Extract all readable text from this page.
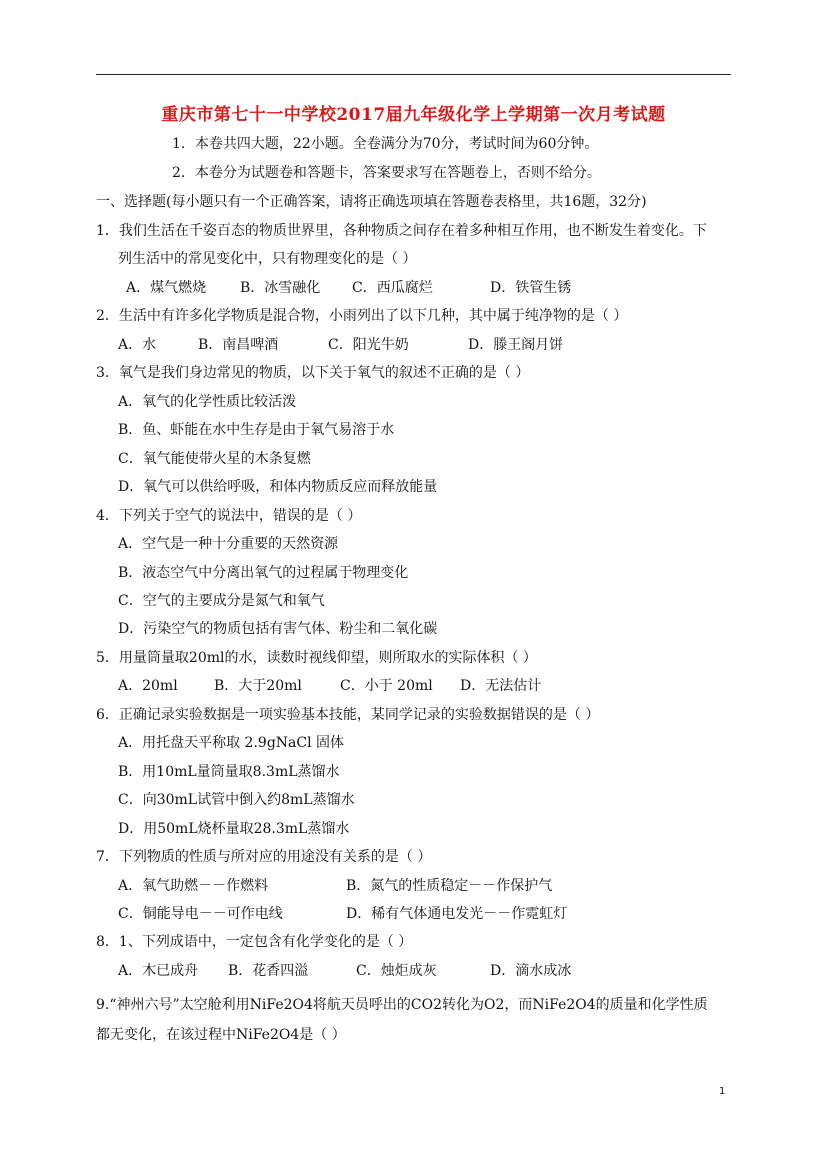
重庆市第七十一中学校2017届九年级化学上学期第一次月考试题
1．本卷共四大题，22小题。全卷满分为70分，考试时间为60分钟。
2．本卷分为试题卷和答题卡，答案要求写在答题卷上，否则不给分。
一、选择题(每小题只有一个正确答案，请将正确选项填在答题卷表格里，共16题，32分)
1．我们生活在千姿百态的物质世界里，各种物质之间存在着多种相互作用，也不断发生着变化。下
列生活中的常见变化中，只有物理变化的是（ ）
A．煤气燃烧 B．冰雪融化 C．西瓜腐烂	D．铁管生锈
2．生活中有许多化学物质是混合物，小雨列出了以下几种，其中属于纯净物的是（ ）
A．水	B．南昌啤酒	C．阳光牛奶	D．滕王阁月饼
3．氧气是我们身边常见的物质，以下关于氧气的叙述不正确的是（ ）
A．氧气的化学性质比较活泼
B．鱼、虾能在水中生存是由于氧气易溶于水
C．氧气能使带火星的木条复燃
D．氧气可以供给呼吸，和体内物质反应而释放能量
4．下列关于空气的说法中，错误的是（ ）
A．空气是一种十分重要的天然资源
B．液态空气中分离出氧气的过程属于物理变化
C．空气的主要成分是氮气和氧气
D．污染空气的物质包括有害气体、粉尘和二氧化碳
5．用量筒量取20ml的水，读数时视线仰望，则所取水的实际体积（ ）
A．20ml	B．大于20ml	C．小于 20ml D．无法估计
6．正确记录实验数据是一项实验基本技能，某同学记录的实验数据错误的是（ ）
A．用托盘天平称取 2.9gNaCl 固体
B．用10mL量筒量取8.3mL蒸馏水
C．向30mL试管中倒入约8mL蒸馏水
D．用50mL烧杯量取28.3mL蒸馏水
7．下列物质的性质与所对应的用途没有关系的是（ ）
A．氧气助燃－－作燃料	B．氮气的性质稳定－－作保护气
C．铜能导电－－可作电线	D．稀有气体通电发光－－作霓虹灯
8．1、下列成语中，一定包含有化学变化的是（ ）
A．木已成舟 B．花香四溢	C．烛炬成灰	D．滴水成冰
9.“神州六号”太空舱利用NiFe2O4将航天员呼出的CO2转化为O2，而NiFe2O4的质量和化学性质
都无变化，在该过程中NiFe2O4是（ ）
1
